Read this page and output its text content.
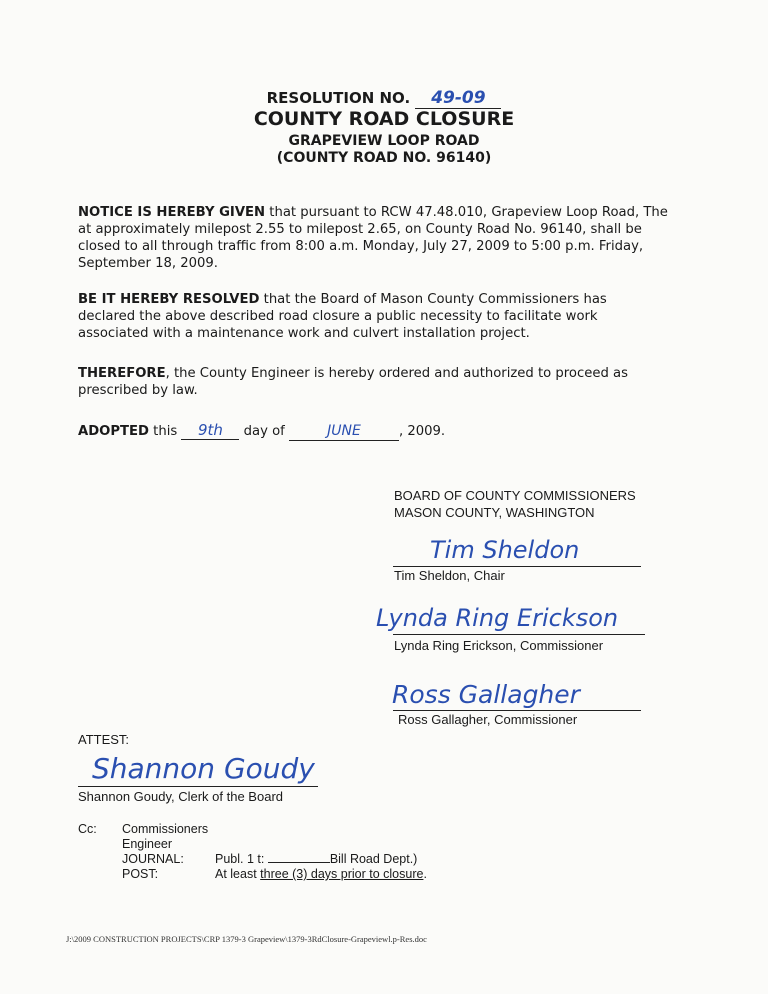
RESOLUTION NO. 49-09
COUNTY ROAD CLOSURE
GRAPEVIEW LOOP ROAD
(COUNTY ROAD NO. 96140)
NOTICE IS HEREBY GIVEN that pursuant to RCW 47.48.010, Grapeview Loop Road, The at approximately milepost 2.55 to milepost 2.65, on County Road No. 96140, shall be closed to all through traffic from 8:00 a.m. Monday, July 27, 2009 to 5:00 p.m. Friday, September 18, 2009.
BE IT HEREBY RESOLVED that the Board of Mason County Commissioners has declared the above described road closure a public necessity to facilitate work associated with a maintenance work and culvert installation project.
THEREFORE, the County Engineer is hereby ordered and authorized to proceed as prescribed by law.
ADOPTED this 9th day of	JUNE	, 2009.
BOARD OF COUNTY COMMISSIONERS
MASON COUNTY, WASHINGTON
Tim Sheldon
Tim Sheldon, Chair
Lynda Ring Erickson
Lynda Ring Erickson, Commissioner
Ross Gallagher
Ross Gallagher, Commissioner
ATTEST:
Shannon Goudy
Shannon Goudy, Clerk of the Board
Cc: Commissioners
Engineer
JOURNAL: Publ. 1 t:	Bill Road Dept.)
POST:	At least three (3) days prior to closure.
J:\2009 CONSTRUCTION PROJECTS\CRP 1379-3 Grapeview\1379-3RdClosure-Grapeviewl.p-Res.doc
